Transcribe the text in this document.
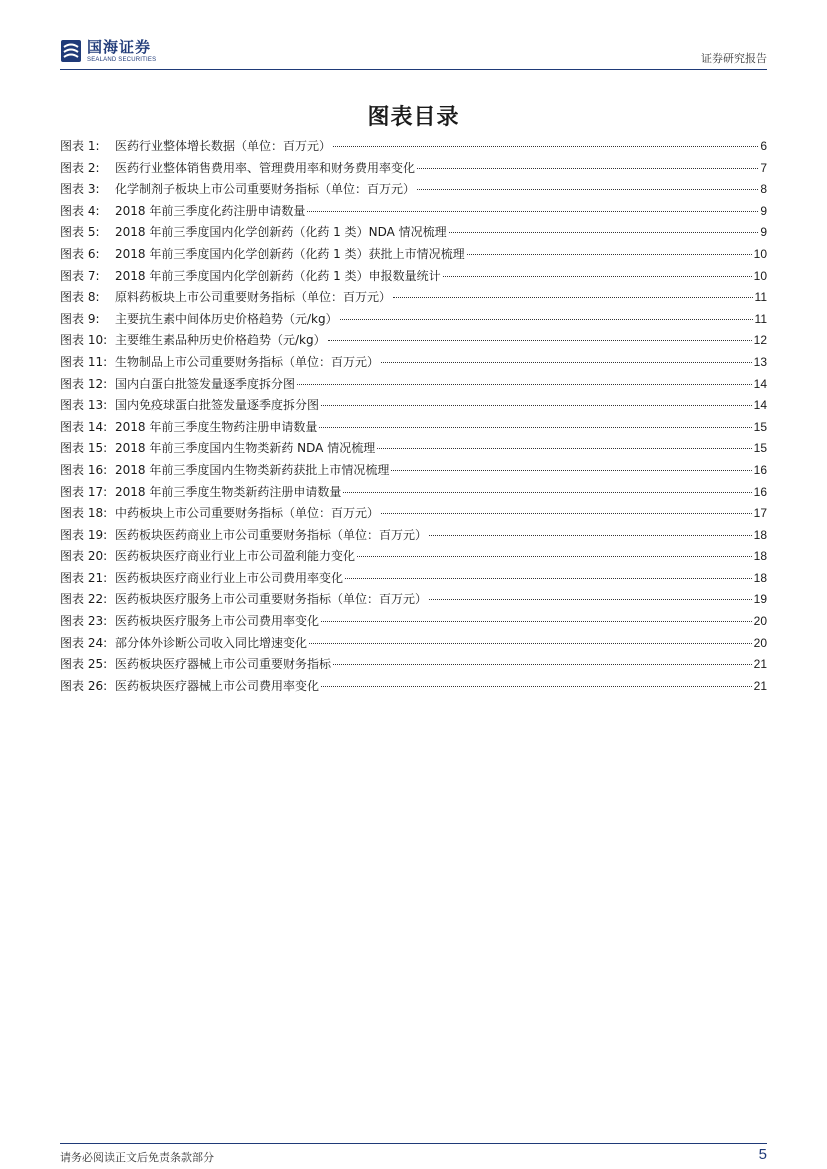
国海证券
SEALAND SECURITIES	证券研究报告
图表目录
图表 1:	医药行业整体增长数据（单位：百万元）	6
图表 2:	医药行业整体销售费用率、管理费用率和财务费用率变化	7
图表 3:	化学制剂子板块上市公司重要财务指标（单位：百万元）	8
图表 4:	2018 年前三季度化药注册申请数量	9
图表 5:	2018 年前三季度国内化学创新药（化药 1 类）NDA 情况梳理	9
图表 6:	2018 年前三季度国内化学创新药（化药 1 类）获批上市情况梳理	10
图表 7:	2018 年前三季度国内化学创新药（化药 1 类）申报数量统计	10
图表 8:	原料药板块上市公司重要财务指标（单位：百万元）	11
图表 9:	主要抗生素中间体历史价格趋势（元/kg）	11
图表 10: 主要维生素品种历史价格趋势（元/kg）	12
图表 11: 生物制品上市公司重要财务指标（单位：百万元）	13
图表 12: 国内白蛋白批签发量逐季度拆分图	14
图表 13: 国内免疫球蛋白批签发量逐季度拆分图	14
图表 14: 2018 年前三季度生物药注册申请数量	15
图表 15: 2018 年前三季度国内生物类新药 NDA 情况梳理	15
图表 16: 2018 年前三季度国内生物类新药获批上市情况梳理	16
图表 17: 2018 年前三季度生物类新药注册申请数量	16
图表 18: 中药板块上市公司重要财务指标（单位：百万元）	17
图表 19: 医药板块医药商业上市公司重要财务指标（单位：百万元）	18
图表 20: 医药板块医疗商业行业上市公司盈利能力变化	18
图表 21: 医药板块医疗商业行业上市公司费用率变化	18
图表 22: 医药板块医疗服务上市公司重要财务指标（单位：百万元）	19
图表 23: 医药板块医疗服务上市公司费用率变化	20
图表 24: 部分体外诊断公司收入同比增速变化	20
图表 25: 医药板块医疗器械上市公司重要财务指标	21
图表 26: 医药板块医疗器械上市公司费用率变化	21
请务必阅读正文后免责条款部分	5
